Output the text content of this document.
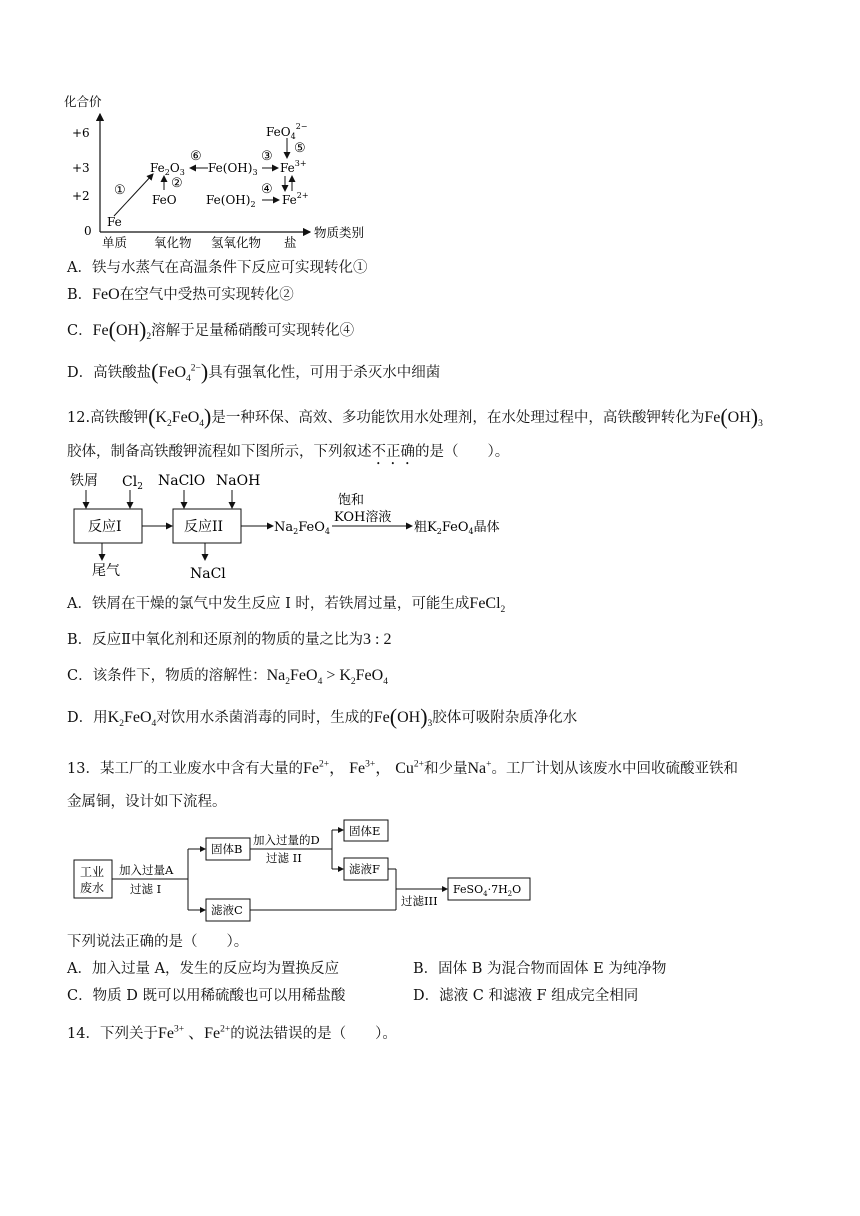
化合价
物质类别
+6
+3
+2
0
单质 氧化物 氢氧化物 盐
Fe
$Fe_2O_3$
FeO
$Fe(OH)_3$
$Fe(OH)_2$
$Fe^{3+}$
$Fe^{2+}$
FeO$_4^{2-}$
①	②
⑥	③
④
⑤
A．铁与水蒸气在高温条件下反应可实现转化①
B．FeO在空气中受热可实现转化②
C．$Fe(OH)_2$溶解于足量稀硝酸可实现转化④
D．高铁酸盐(FeO$_4^{2-}$)具有强氧化性，可用于杀灭水中细菌
12.高铁酸钾$(K_2FeO_4)$是一种环保、高效、多功能饮用水处理剂，在水处理过程中，高铁酸钾转化为$Fe(OH)_3$
胶体，制备高铁酸钾流程如下图所示，下列叙述不正确的是（　　）。
铁屑 $Cl_2$ NaClO NaOH
反应I	反应II	$Na_2FeO_4$
饱和
KOH溶液
粗$K_2FeO_4$晶体
尾气	NaCl
A．铁屑在干燥的氯气中发生反应 I 时，若铁屑过量，可能生成FeCl$_2$
B．反应Ⅱ中氧化剂和还原剂的物质的量之比为3 : 2
C．该条件下，物质的溶解性：$Na_2FeO_4 > K_2FeO_4$
D．用$K_2FeO_4$对饮用水杀菌消毒的同时，生成的$Fe(OH)_3$胶体可吸附杂质净化水
13．某工厂的工业废水中含有大量的$Fe^{2+}$， $Fe^{3+}$， $Cu^{2+}$和少量Na+。工厂计划从该废水中回收硫酸亚铁和
金属铜，设计如下流程。
工业
废水
加入过量A
过滤 I
固体B
加入过量的D
过滤 II
固体E
滤液F
滤液C
过滤III
$FeSO_4\cdot 7H_2O$
下列说法正确的是（　　）。
A．加入过量 A，发生的反应均为置换反应	B．固体 B 为混合物而固体 E 为纯净物
C．物质 D 既可以用稀硫酸也可以用稀盐酸	D．滤液 C 和滤液 F 组成完全相同
14．下列关于$Fe^{3+}$ 、$Fe^{2+}$的说法错误的是（　　）。
